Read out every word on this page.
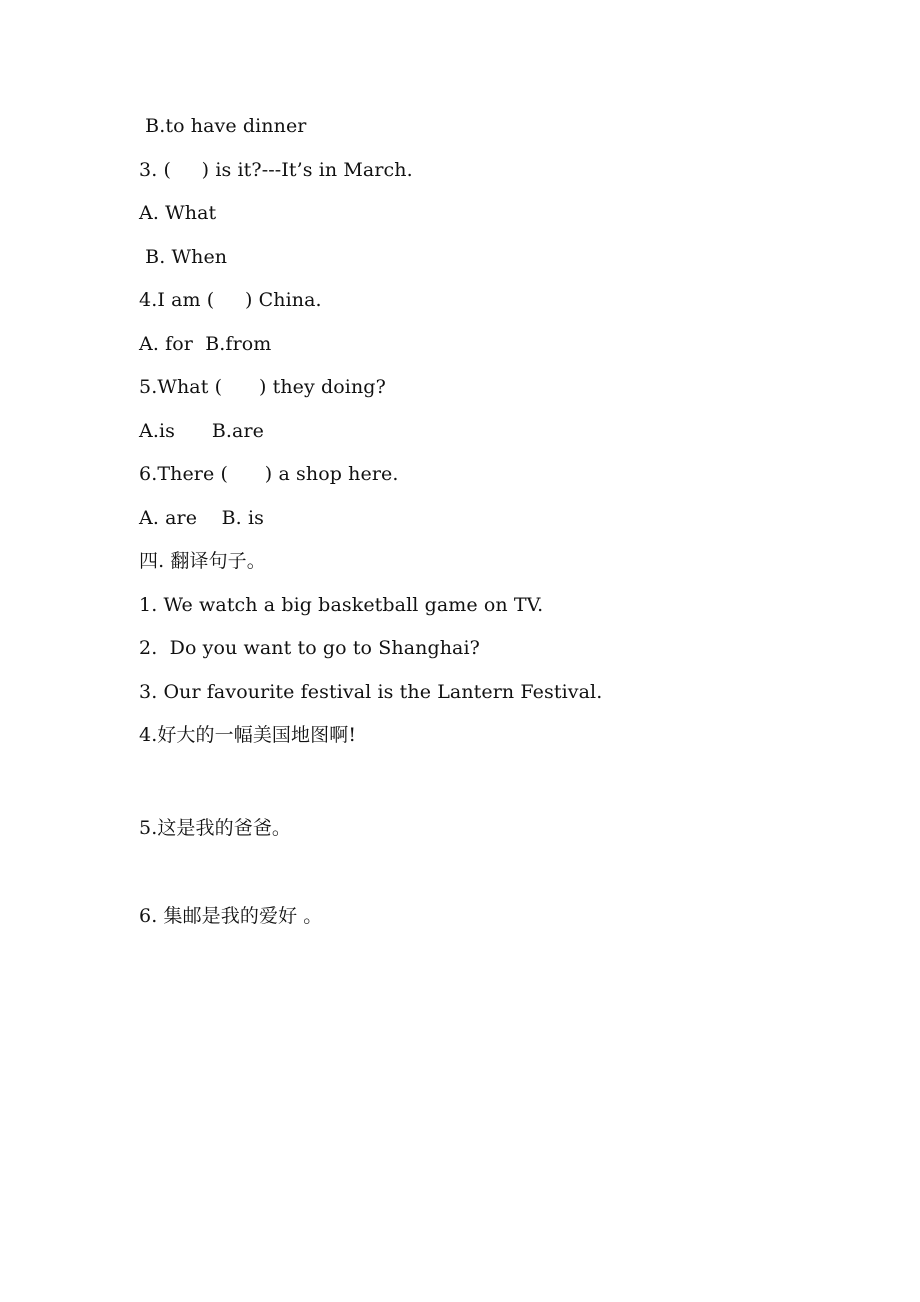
B.to have dinner
3. (     ) is it?---It’s in March.
A. What
B. When
4.I am (     ) China.
A. for  B.from
5.What (      ) they doing?
A.is      B.are
6.There (      ) a shop here.
A. are    B. is
四. 翻译句子。
1. We watch a big basketball game on TV.
2.  Do you want to go to Shanghai?
3. Our favourite festival is the Lantern Festival.
4.好大的一幅美国地图啊!
5.这是我的爸爸。
6. 集邮是我的爱好 。
